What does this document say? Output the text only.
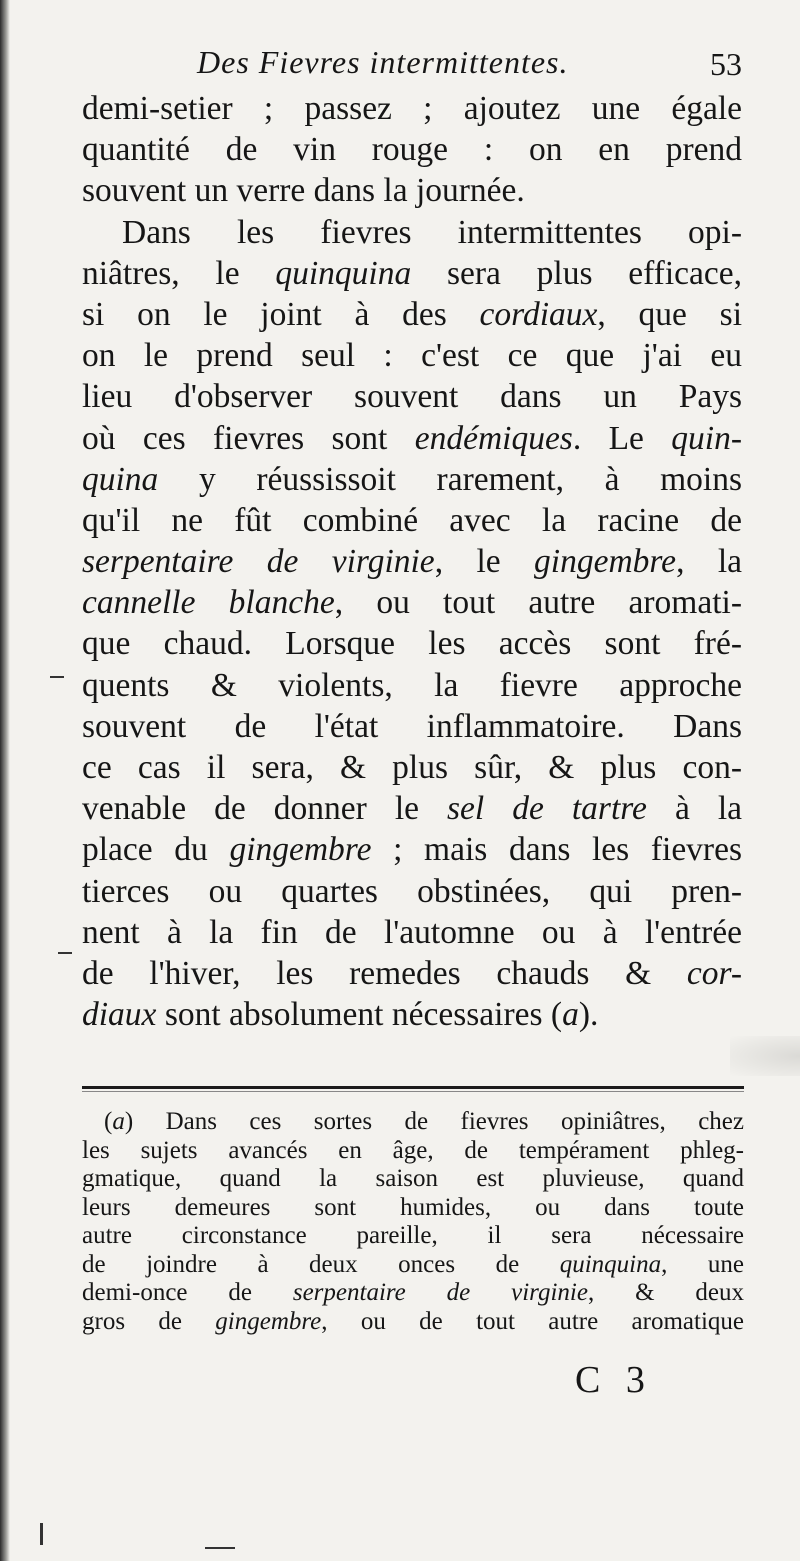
Des Fievres intermittentes.	53
demi-setier ; passez ; ajoutez une égale
quantité de vin rouge : on en prend
souvent un verre dans la journée.
Dans les fievres intermittentes opi-
niâtres, le quinquina sera plus efficace,
si on le joint à des cordiaux, que si
on le prend seul : c'est ce que j'ai eu
lieu d'observer souvent dans un Pays
où ces fievres sont endémiques. Le quin-
quina y réussissoit rarement, à moins
qu'il ne fût combiné avec la racine de
serpentaire de virginie, le gingembre, la
cannelle blanche, ou tout autre aromati-
que chaud. Lorsque les accès sont fré-
quents & violents, la fievre approche
souvent de l'état inflammatoire. Dans
ce cas il sera, & plus sûr, & plus con-
venable de donner le sel de tartre à la
place du gingembre ; mais dans les fievres
tierces ou quartes obstinées, qui pren-
nent à la fin de l'automne ou à l'entrée
de l'hiver, les remedes chauds & cor-
diaux sont absolument nécessaires (a).
(a) Dans ces sortes de fievres opiniâtres, chez
les sujets avancés en âge, de tempérament phleg-
gmatique, quand la saison est pluvieuse, quand
leurs demeures sont humides, ou dans toute
autre circonstance pareille, il sera nécessaire
de joindre à deux onces de quinquina, une
demi-once de serpentaire de virginie, & deux
gros de gingembre, ou de tout autre aromatique
C 3
